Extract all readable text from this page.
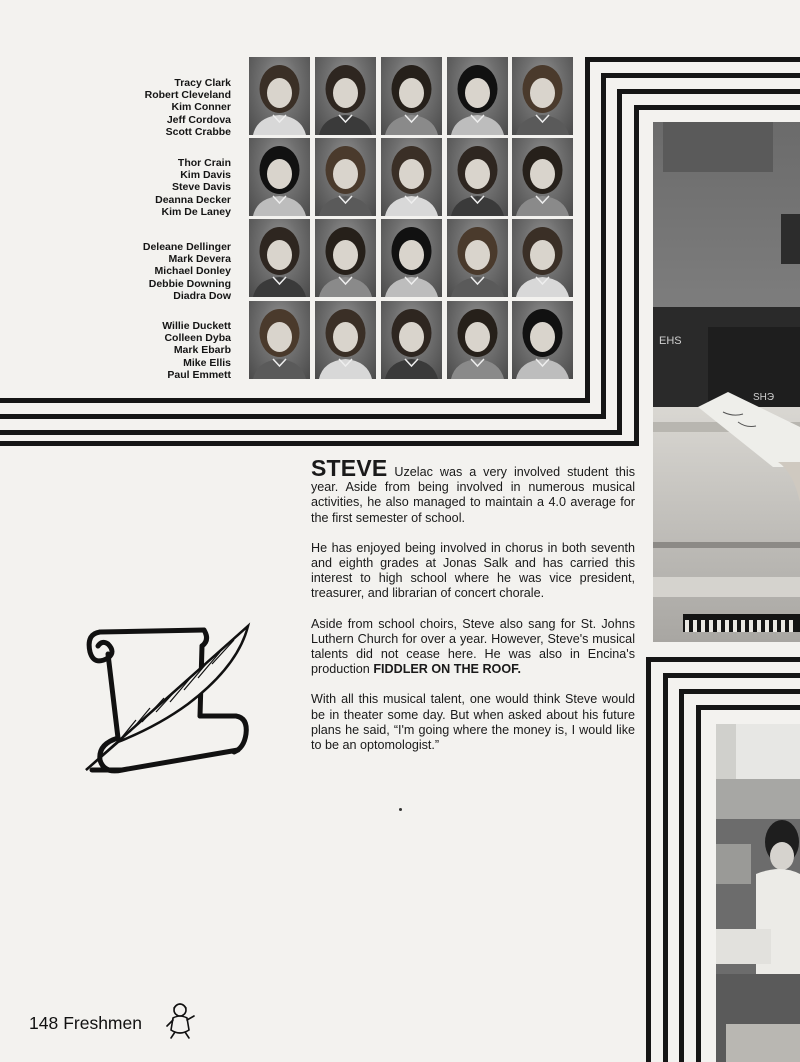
Tracy Clark
Robert Cleveland
Kim Conner
Jeff Cordova
Scott Crabbe
Thor Crain
Kim Davis
Steve Davis
Deanna Decker
Kim De Laney
Deleane Dellinger
Mark Devera
Michael Donley
Debbie Downing
Diadra Dow
Willie Duckett
Colleen Dyba
Mark Ebarb
Mike Ellis
Paul Emmett
EHS
SHЭ

STEVE Uzelac was a very involved student this year. Aside from being involved in numerous musical activities, he also managed to maintain a 4.0 average for the first semester of school.

He has enjoyed being involved in chorus in both seventh and eighth grades at Jonas Salk and has carried this interest to high school where he was vice president, treasurer, and librarian of concert chorale.

Aside from school choirs, Steve also sang for St. Johns Luthern Church for over a year. However, Steve's musical talents did not cease here. He was also in Encina's production FIDDLER ON THE ROOF.

With all this musical talent, one would think Steve would be in theater some day. But when asked about his future plans he said, “I'm going where the money is, I would like to be an optomologist.”

148 Freshmen
